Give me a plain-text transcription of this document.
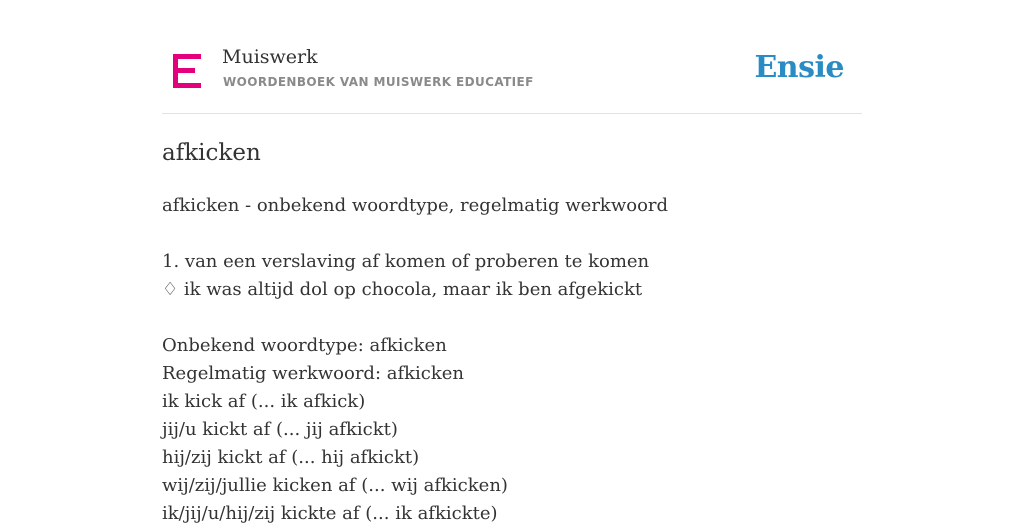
Muiswerk
WOORDENBOEK VAN MUISWERK EDUCATIEF	Ensie
afkicken
afkicken - onbekend woordtype, regelmatig werkwoord
1. van een verslaving af komen of proberen te komen
♢ ik was altijd dol op chocola, maar ik ben afgekickt
Onbekend woordtype: afkicken
Regelmatig werkwoord: afkicken
ik kick af (... ik afkick)
jij/u kickt af (... jij afkickt)
hij/zij kickt af (... hij afkickt)
wij/zij/jullie kicken af (... wij afkicken)
ik/jij/u/hij/zij kickte af (... ik afkickte)
